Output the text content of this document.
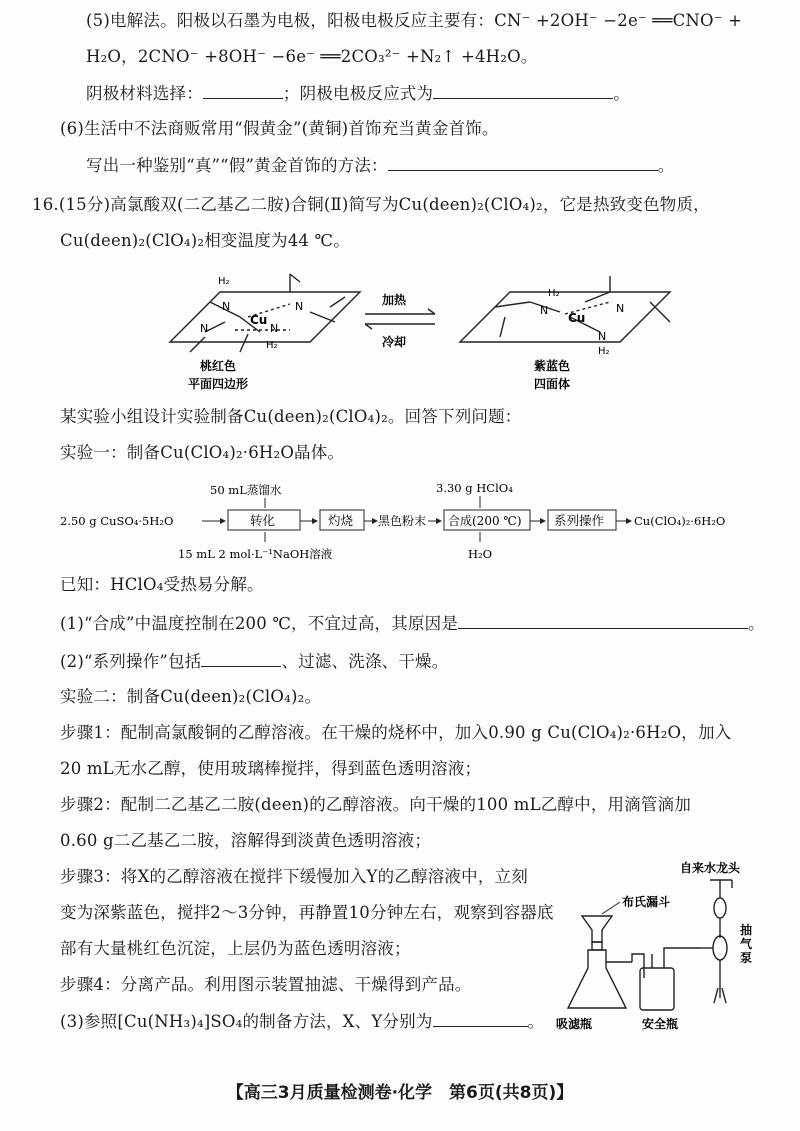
(5)电解法。阳极以石墨为电极，阳极电极反应主要有：CN⁻ +2OH⁻ −2e⁻ ══CNO⁻ +
H₂O，2CNO⁻ +8OH⁻ −6e⁻ ══2CO₃²⁻ +N₂↑ +4H₂O。
阴极材料选择：	；阴极电极反应式为	。
(6)生活中不法商贩常用“假黄金”(黄铜)首饰充当黄金首饰。
写出一种鉴别“真”“假”黄金首饰的方法：	。
16.(15分)高氯酸双(二乙基乙二胺)合铜(Ⅱ)简写为Cu(deen)₂(ClO₄)₂，它是热致变色物质，
Cu(deen)₂(ClO₄)₂相变温度为44 ℃。
H₂
N
Cu
N	N
N
H₂
桃红色
平面四边形
加热
冷却
H₂
N
Cu
N
N
H₂
紫蓝色
四面体
某实验小组设计实验制备Cu(deen)₂(ClO₄)₂。回答下列问题：
实验一：制备Cu(ClO₄)₂·6H₂O晶体。
2.50 g CuSO₄·5H₂O
50 mL蒸馏水
转化
15 mL 2 mol·L⁻¹NaOH溶液
灼烧 黑色粉末
3.30 g HClO₄
合成(200 ℃)
H₂O
系列操作	Cu(ClO₄)₂·6H₂O
已知：HClO₄受热易分解。
(1)“合成”中温度控制在200 ℃，不宜过高，其原因是	。
(2)“系列操作”包括	、过滤、洗涤、干燥。
实验二：制备Cu(deen)₂(ClO₄)₂。
步骤1：配制高氯酸铜的乙醇溶液。在干燥的烧杯中，加入0.90 g Cu(ClO₄)₂·6H₂O，加入
20 mL无水乙醇，使用玻璃棒搅拌，得到蓝色透明溶液；
步骤2：配制二乙基乙二胺(deen)的乙醇溶液。向干燥的100 mL乙醇中，用滴管滴加
0.60 g二乙基乙二胺，溶解得到淡黄色透明溶液；
步骤3：将X的乙醇溶液在搅拌下缓慢加入Y的乙醇溶液中，立刻
变为深紫蓝色，搅拌2～3分钟，再静置10分钟左右，观察到容器底
部有大量桃红色沉淀，上层仍为蓝色透明溶液；
步骤4：分离产品。利用图示装置抽滤、干燥得到产品。
(3)参照[Cu(NH₃)₄]SO₄的制备方法，X、Y分别为	。
自来水龙头
布氏漏斗
抽气泵
吸滤瓶	安全瓶
【高三3月质量检测卷·化学　第6页(共8页)】
